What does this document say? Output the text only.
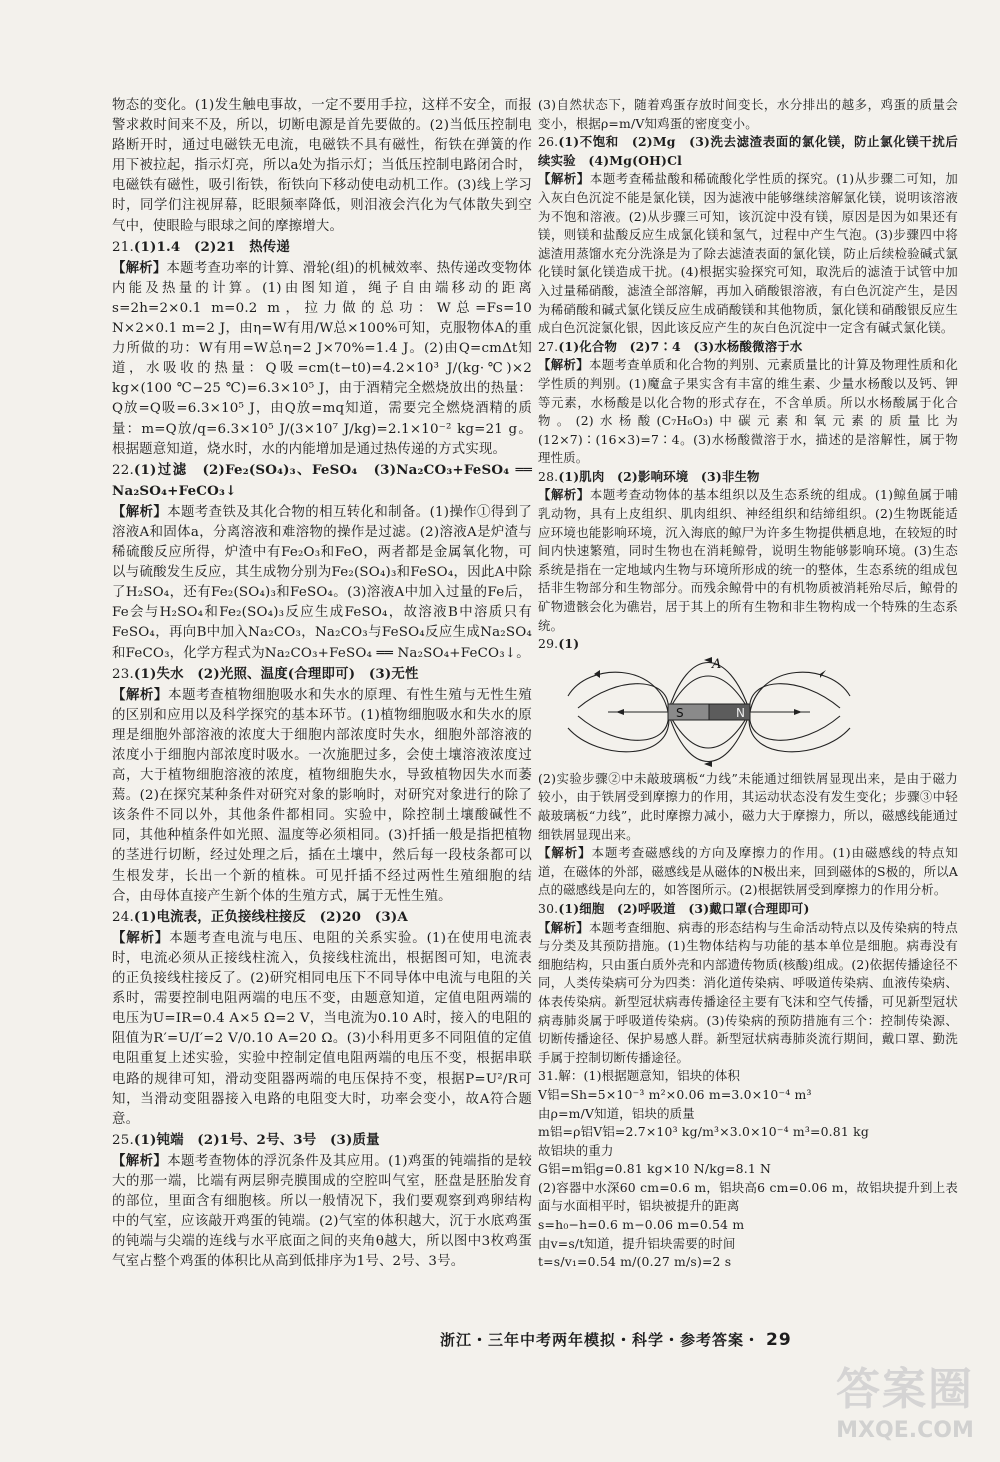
物态的变化。(1)发生触电事故，一定不要用手拉，这样不安全，而报警求救时间来不及，所以，切断电源是首先要做的。(2)当低压控制电路断开时，通过电磁铁无电流，电磁铁不具有磁性，衔铁在弹簧的作用下被拉起，指示灯亮，所以a处为指示灯；当低压控制电路闭合时，电磁铁有磁性，吸引衔铁，衔铁向下移动使电动机工作。(3)线上学习时，同学们注视屏幕，眨眼频率降低，则泪液会汽化为气体散失到空气中，使眼睑与眼球之间的摩擦增大。

21.(1)1.4　(2)21　热传递

【解析】本题考查功率的计算、滑轮(组)的机械效率、热传递改变物体内能及热量的计算。(1)由图知道，绳子自由端移动的距离s=2h=2×0.1 m=0.2 m，拉力做的总功：W总=Fs=10 N×2×0.1 m=2 J，由η=W有用/W总×100%可知，克服物体A的重力所做的功：W有用=W总η=2 J×70%=1.4 J。(2)由Q=cmΔt知道，水吸收的热量：Q吸=cm(t−t0)=4.2×10³ J/(kg·℃)×2 kg×(100 ℃−25 ℃)=6.3×10⁵ J，由于酒精完全燃烧放出的热量：Q放=Q吸=6.3×10⁵ J，由Q放=mq知道，需要完全燃烧酒精的质量：m=Q放/q=6.3×10⁵ J/(3×10⁷ J/kg)=2.1×10⁻² kg=21 g。根据题意知道，烧水时，水的内能增加是通过热传递的方式实现。

22.(1)过滤　(2)Fe₂(SO₄)₃、FeSO₄　(3)Na₂CO₃+FeSO₄ ══ Na₂SO₄+FeCO₃↓

【解析】本题考查铁及其化合物的相互转化和制备。(1)操作①得到了溶液A和固体a，分离溶液和难溶物的操作是过滤。(2)溶液A是炉渣与稀硫酸反应所得，炉渣中有Fe₂O₃和FeO，两者都是金属氧化物，可以与硫酸发生反应，其生成物分别为Fe₂(SO₄)₃和FeSO₄，因此A中除了H₂SO₄，还有Fe₂(SO₄)₃和FeSO₄。(3)溶液A中加入过量的Fe后，Fe会与H₂SO₄和Fe₂(SO₄)₃反应生成FeSO₄，故溶液B中溶质只有FeSO₄，再向B中加入Na₂CO₃，Na₂CO₃与FeSO₄反应生成Na₂SO₄和FeCO₃，化学方程式为Na₂CO₃+FeSO₄ ══ Na₂SO₄+FeCO₃↓。

23.(1)失水　(2)光照、温度(合理即可)　(3)无性

【解析】本题考查植物细胞吸水和失水的原理、有性生殖与无性生殖的区别和应用以及科学探究的基本环节。(1)植物细胞吸水和失水的原理是细胞外部溶液的浓度大于细胞内部浓度时失水，细胞外部溶液的浓度小于细胞内部浓度时吸水。一次施肥过多，会使土壤溶液浓度过高，大于植物细胞溶液的浓度，植物细胞失水，导致植物因失水而萎蔫。(2)在探究某种条件对研究对象的影响时，对研究对象进行的除了该条件不同以外，其他条件都相同。实验中，除控制土壤酸碱性不同，其他种植条件如光照、温度等必须相同。(3)扦插一般是指把植物的茎进行切断，经过处理之后，插在土壤中，然后每一段枝条都可以生根发芽，长出一个新的植株。可见扦插不经过两性生殖细胞的结合，由母体直接产生新个体的生殖方式，属于无性生殖。

24.(1)电流表，正负接线柱接反　(2)20　(3)A

【解析】本题考查电流与电压、电阻的关系实验。(1)在使用电流表时，电流必须从正接线柱流入，负接线柱流出，根据图可知，电流表的正负接线柱接反了。(2)研究相同电压下不同导体中电流与电阻的关系时，需要控制电阻两端的电压不变，由题意知道，定值电阻两端的电压为U=IR=0.4 A×5 Ω=2 V，当电流为0.10 A时，接入的电阻的阻值为R′=U/I′=2 V/0.10 A=20 Ω。(3)小科用更多不同阻值的定值电阻重复上述实验，实验中控制定值电阻两端的电压不变，根据串联电路的规律可知，滑动变阻器两端的电压保持不变，根据P=U²/R可知，当滑动变阻器接入电路的电阻变大时，功率会变小，故A符合题意。

25.(1)钝端　(2)1号、2号、3号　(3)质量

【解析】本题考查物体的浮沉条件及其应用。(1)鸡蛋的钝端指的是较大的那一端，比端有两层卵壳膜围成的空腔叫气室，胚盘是胚胎发育的部位，里面含有细胞核。所以一般情况下，我们要观察到鸡卵结构中的气室，应该敲开鸡蛋的钝端。(2)气室的体积越大，沉于水底鸡蛋的钝端与尖端的连线与水平底面之间的夹角θ越大，所以图中3枚鸡蛋气室占整个鸡蛋的体积比从高到低排序为1号、2号、3号。

(3)自然状态下，随着鸡蛋存放时间变长，水分排出的越多，鸡蛋的质量会变小，根据ρ=m/V知鸡蛋的密度变小。

26.(1)不饱和　(2)Mg　(3)洗去滤渣表面的氯化镁，防止氯化镁干扰后续实验　(4)Mg(OH)Cl

【解析】本题考查稀盐酸和稀硫酸化学性质的探究。(1)从步骤二可知，加入灰白色沉淀不能是氯化镁，因为滤液中能够继续溶解氯化镁，说明该溶液为不饱和溶液。(2)从步骤三可知，该沉淀中没有镁，原因是因为如果还有镁，则镁和盐酸反应生成氯化镁和氢气，过程中产生气泡。(3)步骤四中将滤渣用蒸馏水充分洗涤是为了除去滤渣表面的氯化镁，防止后续检验碱式氯化镁时氯化镁造成干扰。(4)根据实验探究可知，取洗后的滤渣于试管中加入过量稀硝酸，滤渣全部溶解，再加入硝酸银溶液，有白色沉淀产生，是因为稀硝酸和碱式氯化镁反应生成硝酸镁和其他物质，氯化镁和硝酸银反应生成白色沉淀氯化银，因此该反应产生的灰白色沉淀中一定含有碱式氯化镁。

27.(1)化合物　(2)7∶4　(3)水杨酸微溶于水

【解析】本题考查单质和化合物的判别、元素质量比的计算及物理性质和化学性质的判别。(1)魔盒子果实含有丰富的维生素、少量水杨酸以及钙、钾等元素，水杨酸是以化合物的形式存在，不含单质。所以水杨酸属于化合物。(2)水杨酸(C₇H₆O₃)中碳元素和氧元素的质量比为(12×7)∶(16×3)=7∶4。(3)水杨酸微溶于水，描述的是溶解性，属于物理性质。

28.(1)肌肉　(2)影响环境　(3)非生物

【解析】本题考查动物体的基本组织以及生态系统的组成。(1)鲸鱼属于哺乳动物，具有上皮组织、肌肉组织、神经组织和结缔组织。(2)生物既能适应环境也能影响环境，沉入海底的鲸尸为许多生物提供栖息地，在较短的时间内快速繁殖，同时生物也在消耗鲸骨，说明生物能够影响环境。(3)生态系统是指在一定地域内生物与环境所形成的统一的整体，生态系统的组成包括非生物部分和生物部分。而残余鲸骨中的有机物质被消耗殆尽后，鲸骨的矿物遗骸会化为礁岩，居于其上的所有生物和非生物构成一个特殊的生态系统。

29.(1)

S	N
A

(2)实验步骤②中未敲玻璃板“力线”未能通过细铁屑显现出来，是由于磁力较小，由于铁屑受到摩擦力的作用，其运动状态没有发生变化；步骤③中轻敲玻璃板“力线”，此时摩擦力减小，磁力大于摩擦力，所以，磁感线能通过细铁屑显现出来。

【解析】本题考查磁感线的方向及摩擦力的作用。(1)由磁感线的特点知道，在磁体的外部，磁感线是从磁体的N极出来，回到磁体的S极的，所以A点的磁感线是向左的，如答图所示。(2)根据铁屑受到摩擦力的作用分析。

30.(1)细胞　(2)呼吸道　(3)戴口罩(合理即可)

【解析】本题考查细胞、病毒的形态结构与生命活动特点以及传染病的特点与分类及其预防措施。(1)生物体结构与功能的基本单位是细胞。病毒没有细胞结构，只由蛋白质外壳和内部遗传物质(核酸)组成。(2)依据传播途径不同，人类传染病可分为四类：消化道传染病、呼吸道传染病、血液传染病、体表传染病。新型冠状病毒传播途径主要有飞沫和空气传播，可见新型冠状病毒肺炎属于呼吸道传染病。(3)传染病的预防措施有三个：控制传染源、切断传播途径、保护易感人群。新型冠状病毒肺炎流行期间，戴口罩、勤洗手属于控制切断传播途径。

31.解：(1)根据题意知，铝块的体积

V铝=Sh=5×10⁻³ m²×0.06 m=3.0×10⁻⁴ m³

由ρ=m/V知道，铝块的质量

m铝=ρ铝V铝=2.7×10³ kg/m³×3.0×10⁻⁴ m³=0.81 kg

故铝块的重力

G铝=m铝g=0.81 kg×10 N/kg=8.1 N

(2)容器中水深60 cm=0.6 m，铝块高6 cm=0.06 m，故铝块提升到上表面与水面相平时，铝块被提升的距离

s=h₀−h=0.6 m−0.06 m=0.54 m

由v=s/t知道，提升铝块需要的时间

t=s/v₁=0.54 m/(0.27 m/s)=2 s

浙江・三年中考两年模拟・科学・参考答案・ 29
答案圈
MXQE.COM
